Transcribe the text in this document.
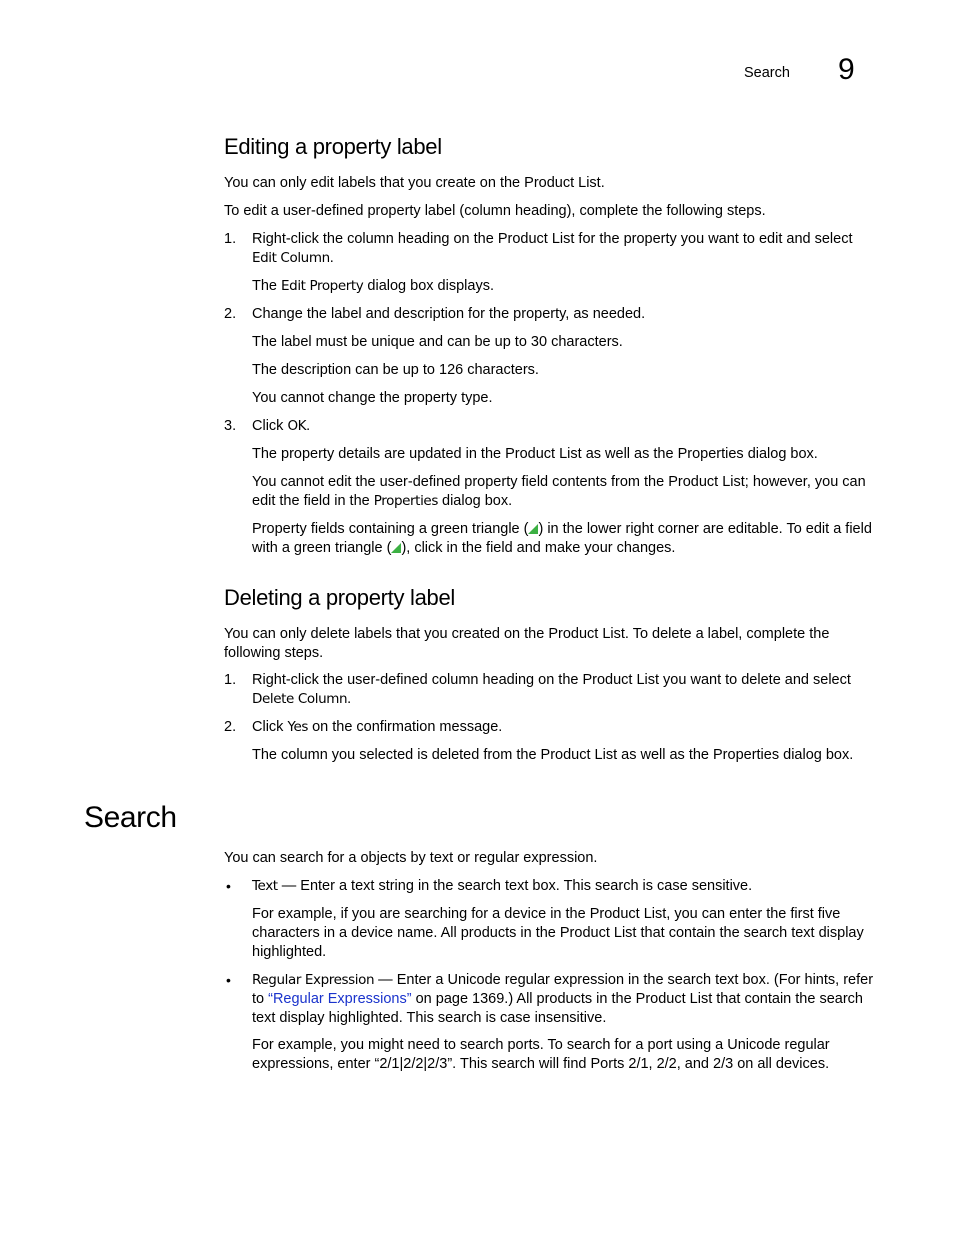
Search 9
Editing a property label
You can only edit labels that you create on the Product List.
To edit a user-defined property label (column heading), complete the following steps.
1. Right-click the column heading on the Product List for the property you want to edit and select
Edit Column.
The Edit Property dialog box displays.
2. Change the label and description for the property, as needed.
The label must be unique and can be up to 30 characters.
The description can be up to 126 characters.
You cannot change the property type.
3. Click OK.
The property details are updated in the Product List as well as the Properties dialog box.
You cannot edit the user-defined property field contents from the Product List; however, you can edit the field in the Properties dialog box.
Property fields containing a green triangle ( ) in the lower right corner are editable. To edit a field with a green triangle ( ), click in the field and make your changes.
Deleting a property label
You can only delete labels that you created on the Product List. To delete a label, complete the following steps.
1. Right-click the user-defined column heading on the Product List you want to delete and select
Delete Column.
2. Click Yes on the confirmation message.
The column you selected is deleted from the Product List as well as the Properties dialog box.
Search
You can search for a objects by text or regular expression.
• Text — Enter a text string in the search text box. This search is case sensitive.
For example, if you are searching for a device in the Product List, you can enter the first five characters in a device name. All products in the Product List that contain the search text display highlighted.
• Regular Expression — Enter a Unicode regular expression in the search text box. (For hints, refer to “Regular Expressions” on page 1369.) All products in the Product List that contain the search text display highlighted. This search is case insensitive.
For example, you might need to search ports. To search for a port using a Unicode regular expressions, enter “2/1|2/2|2/3”. This search will find Ports 2/1, 2/2, and 2/3 on all devices.
